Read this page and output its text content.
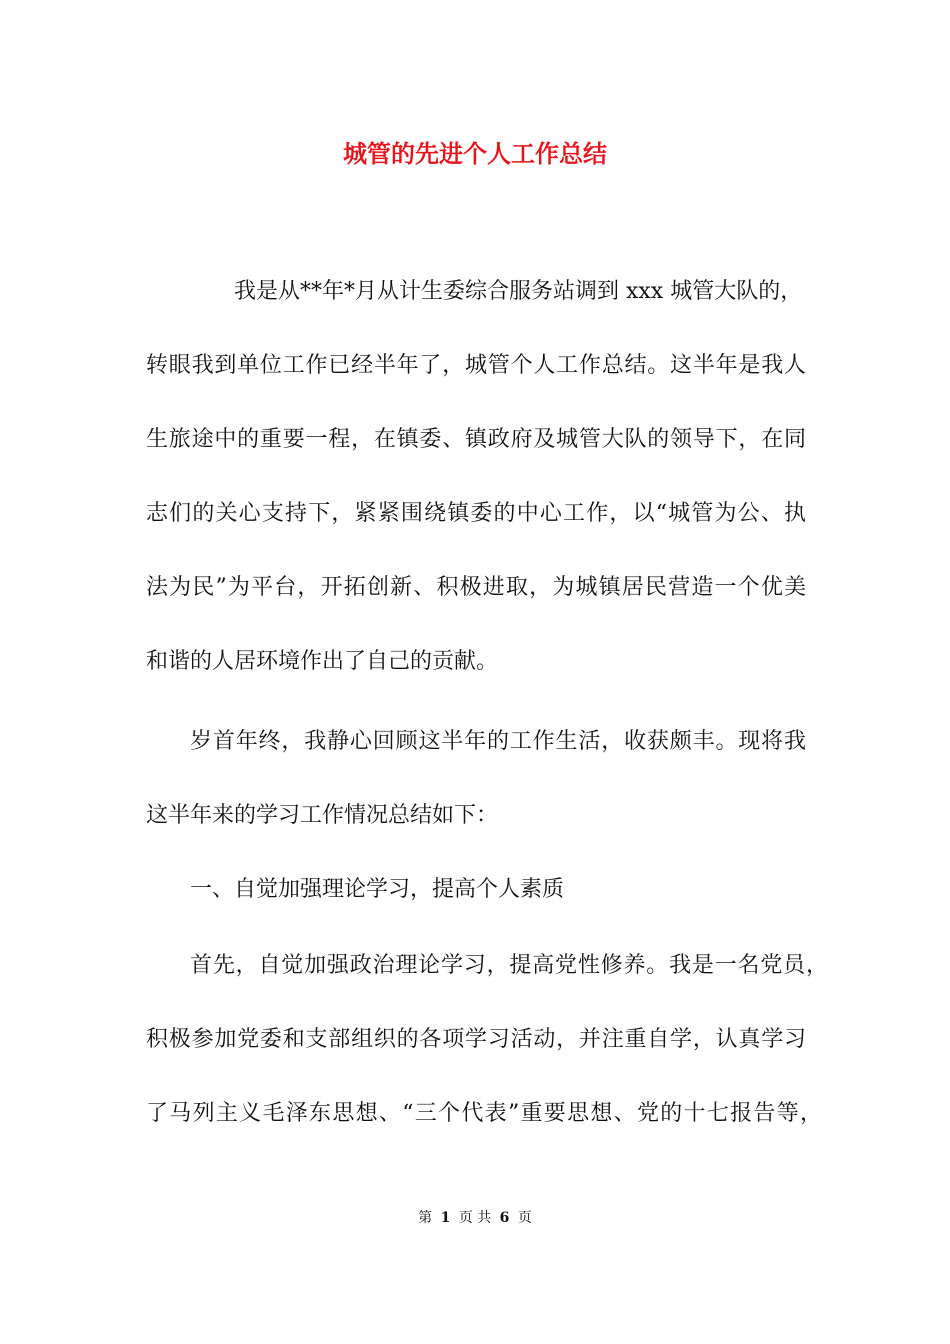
城管的先进个人工作总结

我是从**年*月从计生委综合服务站调到 xxx 城管大队的，

转眼我到单位工作已经半年了，城管个人工作总结。这半年是我人

生旅途中的重要一程，在镇委、镇政府及城管大队的领导下，在同

志们的关心支持下，紧紧围绕镇委的中心工作，以“城管为公、执

法为民”为平台，开拓创新、积极进取，为城镇居民营造一个优美

和谐的人居环境作出了自己的贡献。

岁首年终，我静心回顾这半年的工作生活，收获颇丰。现将我

这半年来的学习工作情况总结如下：

一、自觉加强理论学习，提高个人素质

首先，自觉加强政治理论学习，提高党性修养。我是一名党员，

积极参加党委和支部组织的各项学习活动，并注重自学，认真学习

了马列主义毛泽东思想、“三个代表”重要思想、党的十七报告等，

第 1 页 共 6 页
